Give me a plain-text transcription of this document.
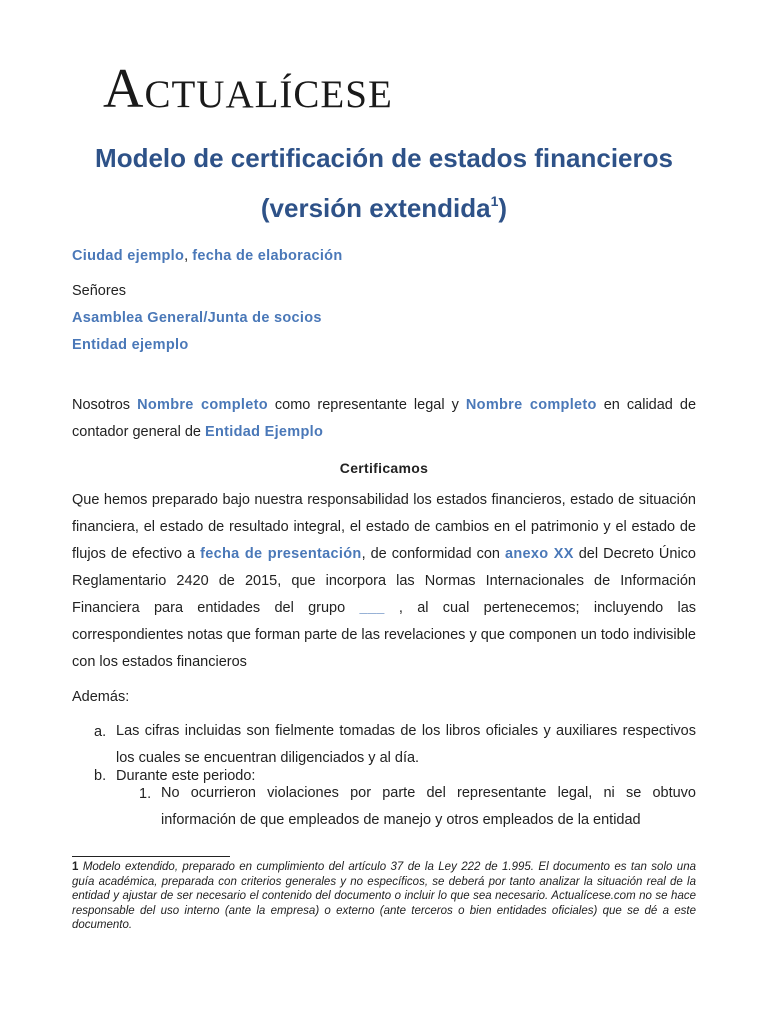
Actualícese
Modelo de certificación de estados financieros
(versión extendida$^1$)

Ciudad ejemplo, fecha de elaboración

Señores

Asamblea General/Junta de socios

Entidad ejemplo

Nosotros Nombre completo como representante legal y Nombre completo en calidad de contador general de Entidad Ejemplo

Certificamos

Que hemos preparado bajo nuestra responsabilidad los estados financieros, estado de situación financiera, el estado de resultado integral, el estado de cambios en el patrimonio y el estado de flujos de efectivo a fecha de presentación, de conformidad con anexo XX del Decreto Único Reglamentario 2420 de 2015, que incorpora las Normas Internacionales de Información Financiera para entidades del grupo ___ , al cual pertenecemos; incluyendo las correspondientes notas que forman parte de las revelaciones y que componen un todo indivisible con los estados financieros

Además:

a. Las cifras incluidas son fielmente tomadas de los libros oficiales y auxiliares respectivos los cuales se encuentran diligenciados y al día.

b. Durante este periodo:

1. No ocurrieron violaciones por parte del representante legal, ni se obtuvo información de que empleados de manejo y otros empleados de la entidad

1 Modelo extendido, preparado en cumplimiento del artículo 37 de la Ley 222 de 1.995. El documento es tan solo una guía académica, preparada con criterios generales y no específicos, se deberá por tanto analizar la situación real de la entidad y ajustar de ser necesario el contenido del documento o incluir lo que sea necesario. Actualícese.com no se hace responsable del uso interno (ante la empresa) o externo (ante terceros o bien entidades oficiales) que se dé a este documento.
